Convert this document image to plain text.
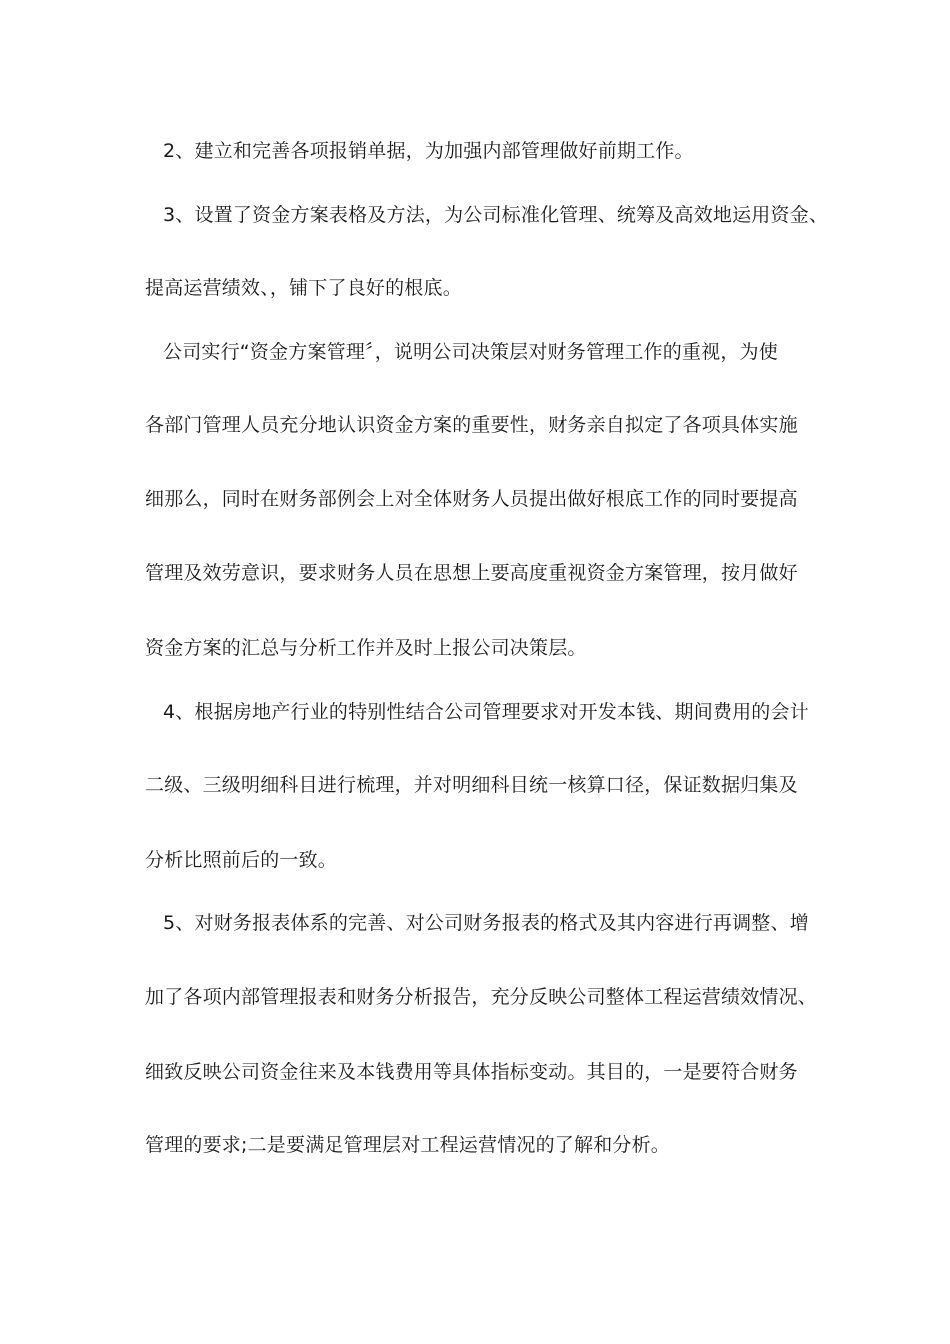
2、建立和完善各项报销单据，为加强内部管理做好前期工作。
3、设置了资金方案表格及方法，为公司标准化管理、统筹及高效地运用资金、
提高运营绩效、，铺下了良好的根底。
公司实行“资金方案管理〞，说明公司决策层对财务管理工作的重视，为使
各部门管理人员充分地认识资金方案的重要性，财务亲自拟定了各项具体实施
细那么，同时在财务部例会上对全体财务人员提出做好根底工作的同时要提高
管理及效劳意识，要求财务人员在思想上要高度重视资金方案管理，按月做好
资金方案的汇总与分析工作并及时上报公司决策层。
4、根据房地产行业的特别性结合公司管理要求对开发本钱、期间费用的会计
二级、三级明细科目进行梳理，并对明细科目统一核算口径，保证数据归集及
分析比照前后的一致。
5、对财务报表体系的完善、对公司财务报表的格式及其内容进行再调整、增
加了各项内部管理报表和财务分析报告，充分反映公司整体工程运营绩效情况、
细致反映公司资金往来及本钱费用等具体指标变动。其目的，一是要符合财务
管理的要求;二是要满足管理层对工程运营情况的了解和分析。
